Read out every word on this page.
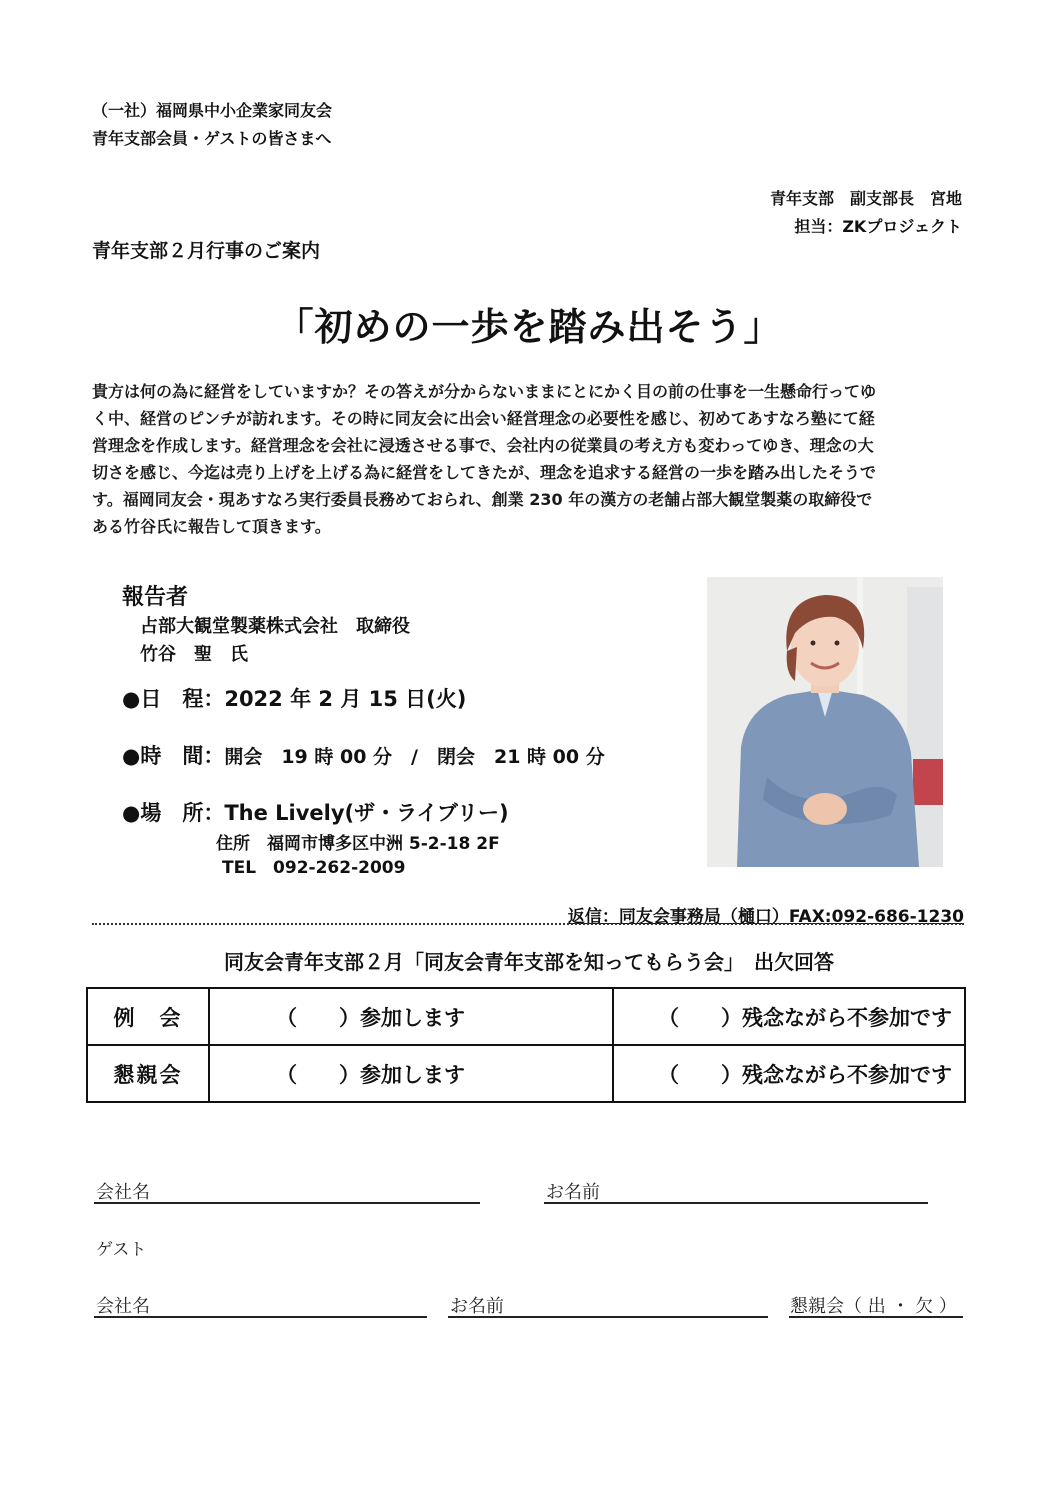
（一社）福岡県中小企業家同友会
青年支部会員・ゲストの皆さまへ
青年支部　副支部長　宮地
担当：ZKプロジェクト
青年支部２月行事のご案内
「初めの一歩を踏み出そう」
貴方は何の為に経営をしていますか？その答えが分からないままにとにかく目の前の仕事を一生懸命行ってゆ
く中、経営のピンチが訪れます。その時に同友会に出会い経営理念の必要性を感じ、初めてあすなろ塾にて経
営理念を作成します。経営理念を会社に浸透させる事で、会社内の従業員の考え方も変わってゆき、理念の大
切さを感じ、今迄は売り上げを上げる為に経営をしてきたが、理念を追求する経営の一歩を踏み出したそうで
す。福岡同友会・現あすなろ実行委員長務めておられ、創業 230 年の漢方の老舗占部大観堂製薬の取締役で
ある竹谷氏に報告して頂きます。
報告者
占部大観堂製薬株式会社　取締役
竹谷　聖　氏
●日　程：2022 年 2 月 15 日(火)
●時　間：開会　19 時 00 分　/　閉会　21 時 00 分
●場　所：The Lively(ザ・ライブリー)
住所　福岡市博多区中洲 5-2-18 2F
TEL　092-262-2009
返信：同友会事務局（樋口）FAX:092-686-1230
同友会青年支部２月「同友会青年支部を知ってもらう会」　出欠回答
例　会	（　　）参加します	（　　）残念ながら不参加です
懇親会	（　　）参加します	（　　）残念ながら不参加です
会社名	お名前
ゲスト
会社名	お名前	懇親会（ 出 ・ 欠 ）
